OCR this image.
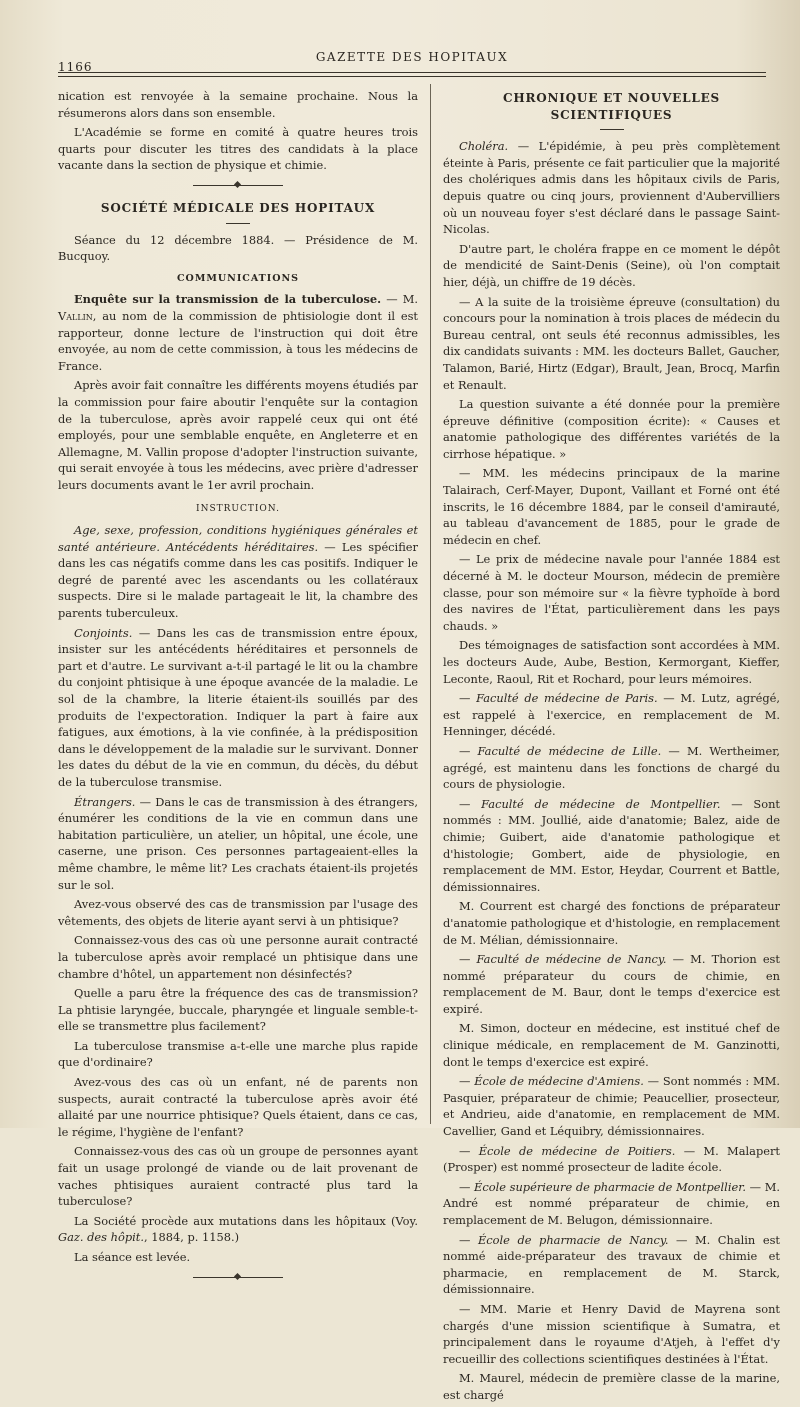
1166
GAZETTE DES HOPITAUX

nication est renvoyée à la semaine prochaine. Nous la résumerons alors dans son ensemble.

L'Académie se forme en comité à quatre heures trois quarts pour discuter les titres des candidats à la place vacante dans la section de physique et chimie.

SOCIÉTÉ MÉDICALE DES HOPITAUX

Séance du 12 décembre 1884. — Présidence de M. Bucquoy.

COMMUNICATIONS

Enquête sur la transmission de la tuberculose. — M. Vallin, au nom de la commission de phtisiologie dont il est rapporteur, donne lecture de l'instruction qui doit être envoyée, au nom de cette commission, à tous les médecins de France.

Après avoir fait connaître les différents moyens étudiés par la commission pour faire aboutir l'enquête sur la contagion de la tuberculose, après avoir rappelé ceux qui ont été employés, pour une semblable enquête, en Angleterre et en Allemagne, M. Vallin propose d'adopter l'instruction suivante, qui serait envoyée à tous les médecins, avec prière d'adresser leurs documents avant le 1er avril prochain.

INSTRUCTION.

Age, sexe, profession, conditions hygiéniques générales et santé antérieure. Antécédents héréditaires. — Les spécifier dans les cas négatifs comme dans les cas positifs. Indiquer le degré de parenté avec les ascendants ou les collatéraux suspects. Dire si le malade partageait le lit, la chambre des parents tuberculeux.

Conjoints. — Dans les cas de transmission entre époux, insister sur les antécédents héréditaires et personnels de part et d'autre. Le survivant a-t-il partagé le lit ou la chambre du conjoint phtisique à une époque avancée de la maladie. Le sol de la chambre, la literie étaient-ils souillés par des produits de l'expectoration. Indiquer la part à faire aux fatigues, aux émotions, à la vie confinée, à la prédisposition dans le développement de la maladie sur le survivant. Donner les dates du début de la vie en commun, du décès, du début de la tuberculose transmise.

Étrangers. — Dans le cas de transmission à des étrangers, énumérer les conditions de la vie en commun dans une habitation particulière, un atelier, un hôpital, une école, une caserne, une prison. Ces personnes partageaient-elles la même chambre, le même lit? Les crachats étaient-ils projetés sur le sol.

Avez-vous observé des cas de transmission par l'usage des vêtements, des objets de literie ayant servi à un phtisique?

Connaissez-vous des cas où une personne aurait contracté la tuberculose après avoir remplacé un phtisique dans une chambre d'hôtel, un appartement non désinfectés?

Quelle a paru être la fréquence des cas de transmission? La phtisie laryngée, buccale, pharyngée et linguale semble-t-elle se transmettre plus facilement?

La tuberculose transmise a-t-elle une marche plus rapide que d'ordinaire?

Avez-vous des cas où un enfant, né de parents non suspects, aurait contracté la tuberculose après avoir été allaité par une nourrice phtisique? Quels étaient, dans ce cas, le régime, l'hygiène de l'enfant?

Connaissez-vous des cas où un groupe de personnes ayant fait un usage prolongé de viande ou de lait provenant de vaches phtisiques auraient contracté plus tard la tuberculose?

La Société procède aux mutations dans les hôpitaux (Voy. Gaz. des hôpit., 1884, p. 1158.)

La séance est levée.

CHRONIQUE ET NOUVELLES SCIENTIFIQUES

Choléra. — L'épidémie, à peu près complètement éteinte à Paris, présente ce fait particulier que la majorité des cholériques admis dans les hôpitaux civils de Paris, depuis quatre ou cinq jours, proviennent d'Aubervilliers où un nouveau foyer s'est déclaré dans le passage Saint-Nicolas.

D'autre part, le choléra frappe en ce moment le dépôt de mendicité de Saint-Denis (Seine), où l'on comptait hier, déjà, un chiffre de 19 décès.

— A la suite de la troisième épreuve (consultation) du concours pour la nomination à trois places de médecin du Bureau central, ont seuls été reconnus admissibles, les dix candidats suivants : MM. les docteurs Ballet, Gaucher, Talamon, Barié, Hirtz (Edgar), Brault, Jean, Brocq, Marfin et Renault.

La question suivante a été donnée pour la première épreuve définitive (composition écrite): « Causes et anatomie pathologique des différentes variétés de la cirrhose hépatique. »

— MM. les médecins principaux de la marine Talairach, Cerf-Mayer, Dupont, Vaillant et Forné ont été inscrits, le 16 décembre 1884, par le conseil d'amirauté, au tableau d'avancement de 1885, pour le grade de médecin en chef.

— Le prix de médecine navale pour l'année 1884 est décerné à M. le docteur Mourson, médecin de première classe, pour son mémoire sur « la fièvre typhoïde à bord des navires de l'État, particulièrement dans les pays chauds. »

Des témoignages de satisfaction sont accordées à MM. les docteurs Aude, Aube, Bestion, Kermorgant, Kieffer, Leconte, Raoul, Rit et Rochard, pour leurs mémoires.

— Faculté de médecine de Paris. — M. Lutz, agrégé, est rappelé à l'exercice, en remplacement de M. Henninger, décédé.

— Faculté de médecine de Lille. — M. Wertheimer, agrégé, est maintenu dans les fonctions de chargé du cours de physiologie.

— Faculté de médecine de Montpellier. — Sont nommés : MM. Joullié, aide d'anatomie; Balez, aide de chimie; Guibert, aide d'anatomie pathologique et d'histologie; Gombert, aide de physiologie, en remplacement de MM. Estor, Heydar, Courrent et Battle, démissionnaires.

M. Courrent est chargé des fonctions de préparateur d'anatomie pathologique et d'histologie, en remplacement de M. Mélian, démissionnaire.

— Faculté de médecine de Nancy. — M. Thorion est nommé préparateur du cours de chimie, en remplacement de M. Baur, dont le temps d'exercice est expiré.

M. Simon, docteur en médecine, est institué chef de clinique médicale, en remplacement de M. Ganzinotti, dont le temps d'exercice est expiré.

— École de médecine d'Amiens. — Sont nommés : MM. Pasquier, préparateur de chimie; Peaucellier, prosecteur, et Andrieu, aide d'anatomie, en remplacement de MM. Cavellier, Gand et Léquibry, démissionnaires.

— École de médecine de Poitiers. — M. Malapert (Prosper) est nommé prosecteur de ladite école.

— École supérieure de pharmacie de Montpellier. — M. André est nommé préparateur de chimie, en remplacement de M. Belugon, démissionnaire.

— École de pharmacie de Nancy. — M. Chalin est nommé aide-préparateur des travaux de chimie et pharmacie, en remplacement de M. Starck, démissionnaire.

— MM. Marie et Henry David de Mayrena sont chargés d'une mission scientifique à Sumatra, et principalement dans le royaume d'Atjeh, à l'effet d'y recueillir des collections scientifiques destinées à l'État.

M. Maurel, médecin de première classe de la marine, est chargé
